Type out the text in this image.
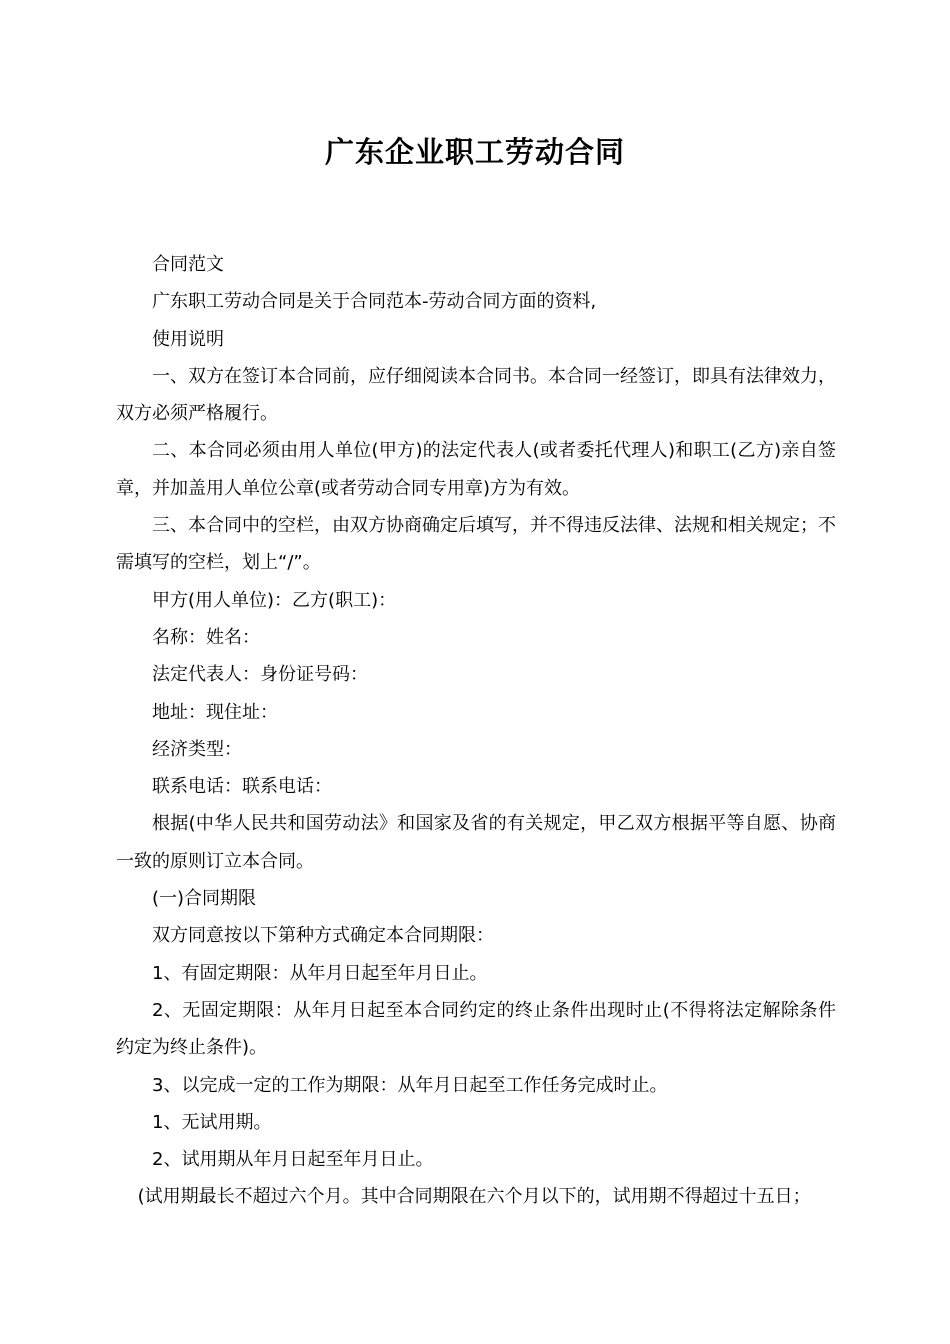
广东企业职工劳动合同

合同范文

广东职工劳动合同是关于合同范本-劳动合同方面的资料,

使用说明

一、双方在签订本合同前，应仔细阅读本合同书。本合同一经签订，即具有法律效力，双方必须严格履行。

二、本合同必须由用人单位(甲方)的法定代表人(或者委托代理人)和职工(乙方)亲自签章，并加盖用人单位公章(或者劳动合同专用章)方为有效。

三、本合同中的空栏，由双方协商确定后填写，并不得违反法律、法规和相关规定；不需填写的空栏，划上“/”。

甲方(用人单位)：乙方(职工)：

名称：姓名：

法定代表人：身份证号码：

地址：现住址：

经济类型：

联系电话：联系电话：

根据(中华人民共和国劳动法》和国家及省的有关规定，甲乙双方根据平等自愿、协商一致的原则订立本合同。

(一)合同期限

双方同意按以下第种方式确定本合同期限：

1、有固定期限：从年月日起至年月日止。

2、无固定期限：从年月日起至本合同约定的终止条件出现时止(不得将法定解除条件约定为终止条件)。

3、以完成一定的工作为期限：从年月日起至工作任务完成时止。

1、无试用期。

2、试用期从年月日起至年月日止。

(试用期最长不超过六个月。其中合同期限在六个月以下的，试用期不得超过十五日；
